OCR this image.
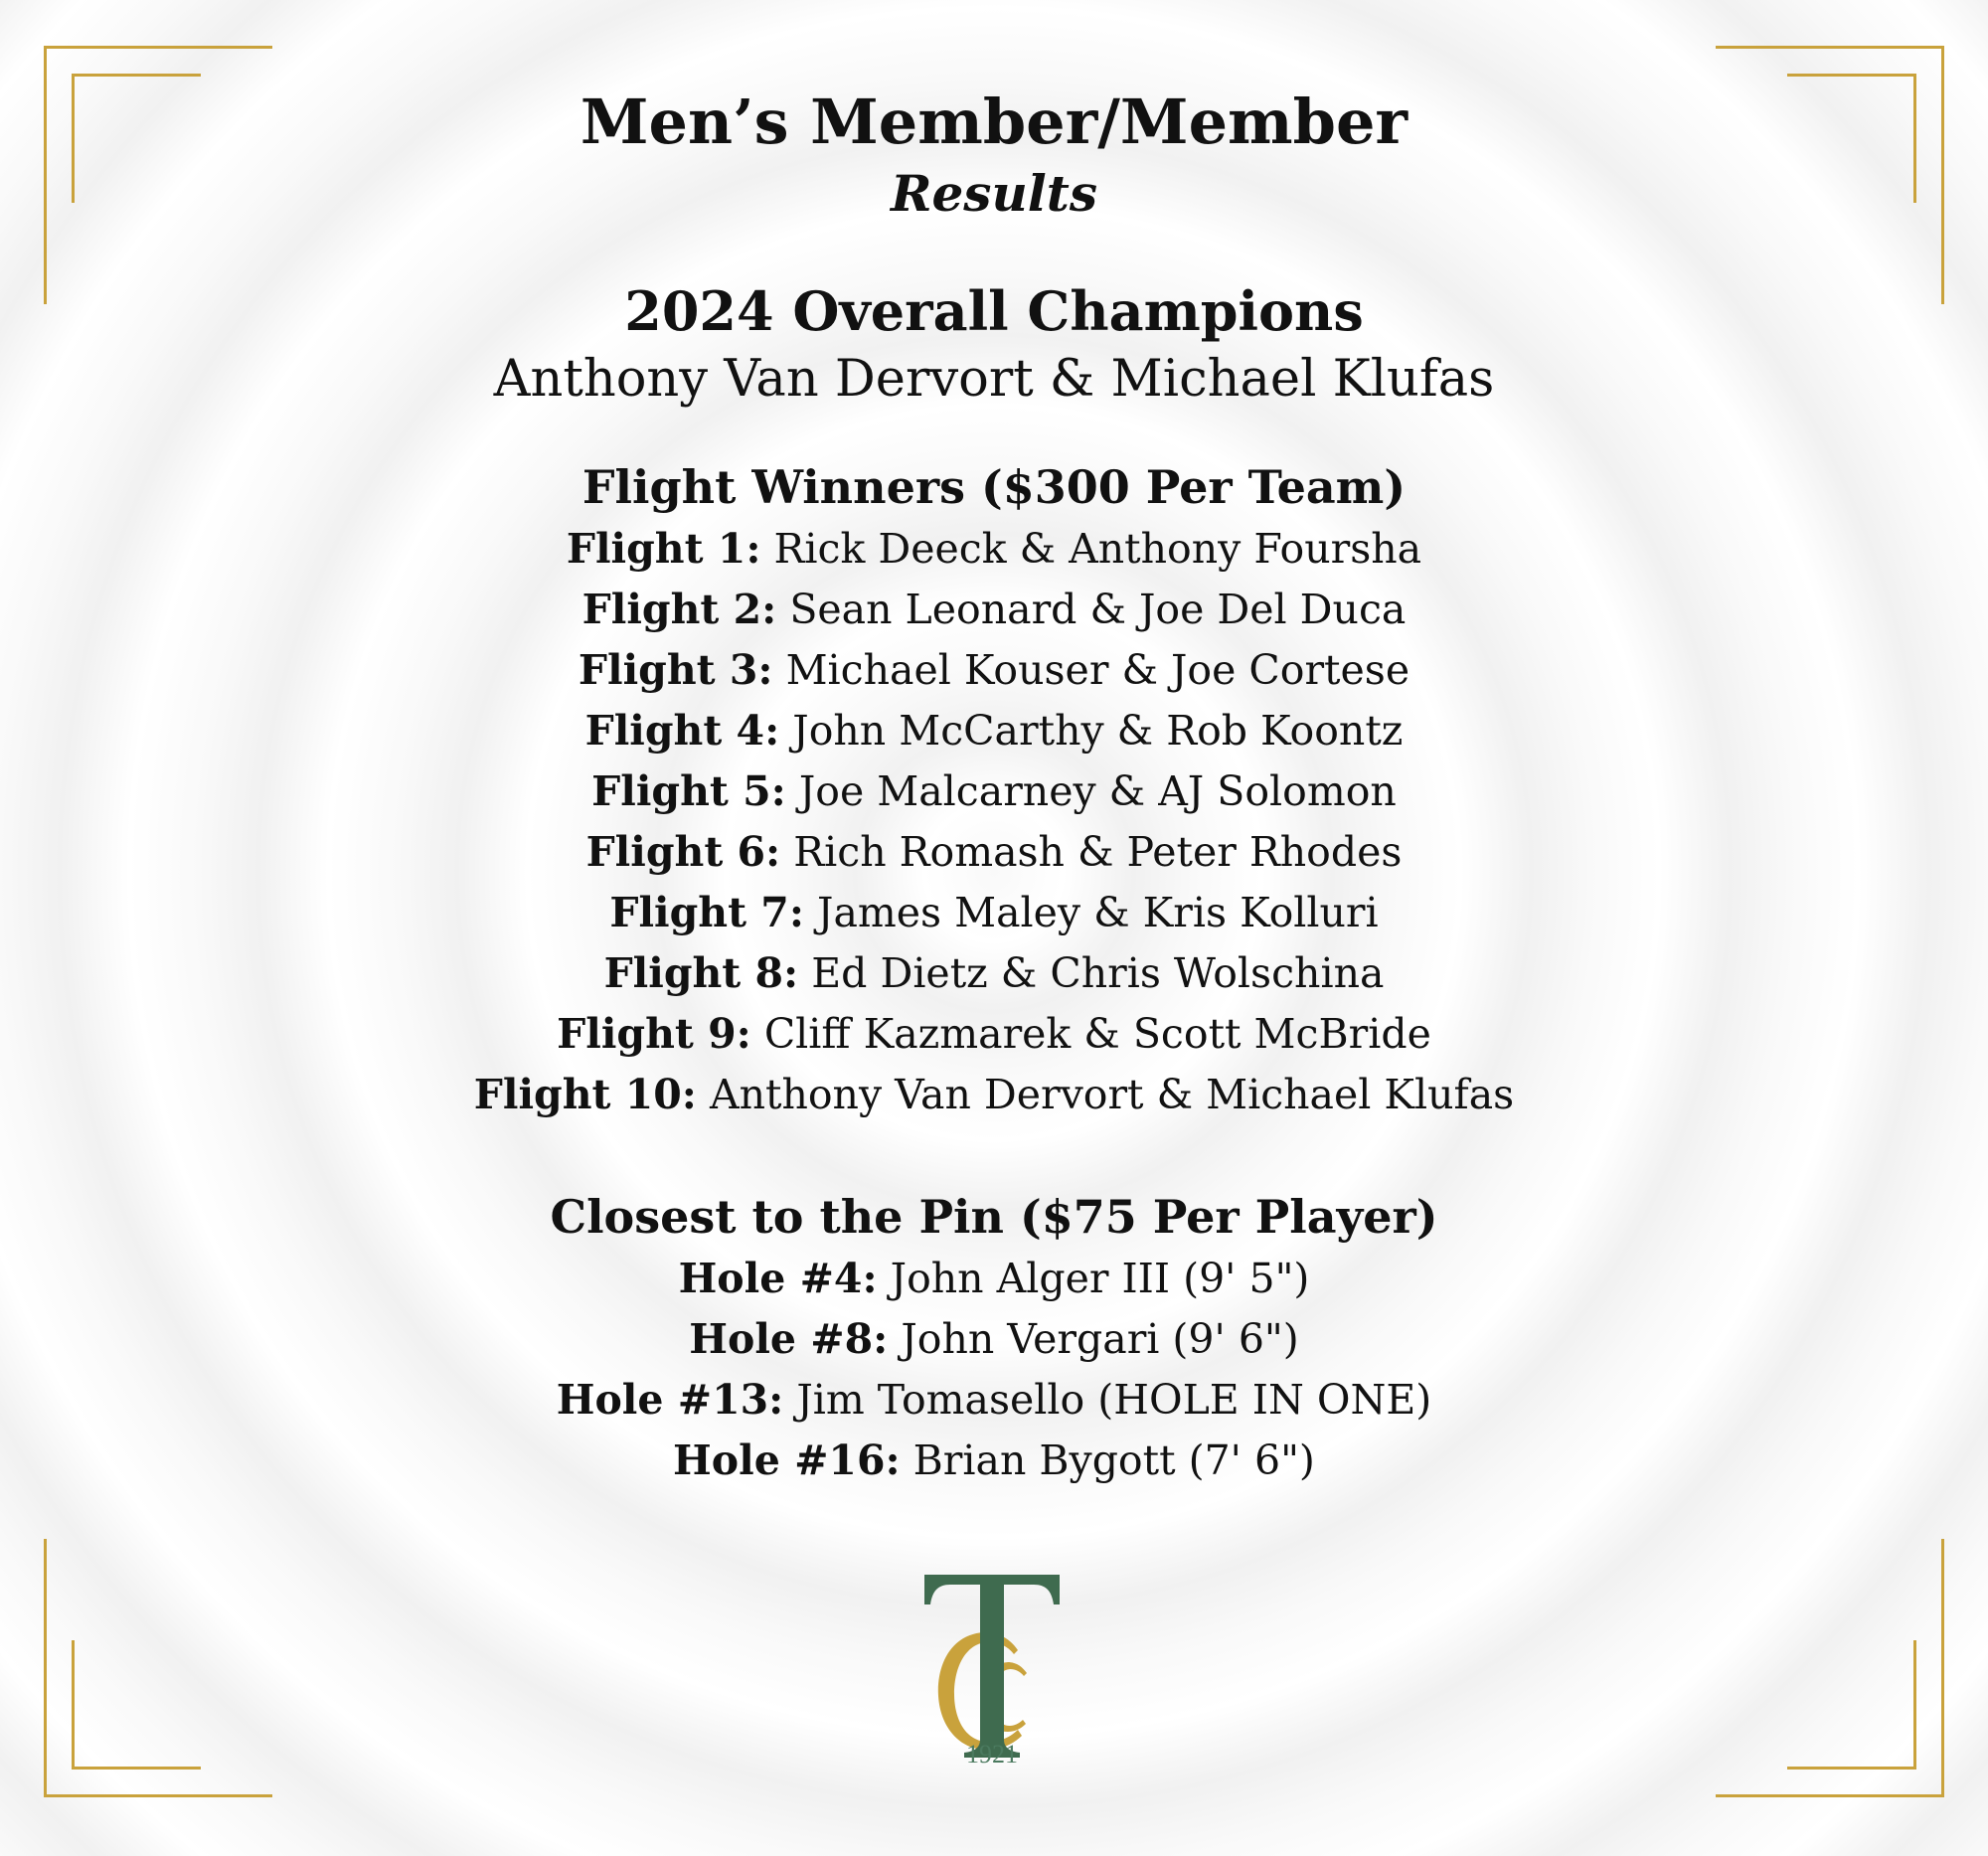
Men’s Member/Member
Results
2024 Overall Champions
Anthony Van Dervort & Michael Klufas
Flight Winners ($300 Per Team)
Flight 1: Rick Deeck & Anthony Foursha
Flight 2: Sean Leonard & Joe Del Duca
Flight 3: Michael Kouser & Joe Cortese
Flight 4: John McCarthy & Rob Koontz
Flight 5: Joe Malcarney & AJ Solomon
Flight 6: Rich Romash & Peter Rhodes
Flight 7: James Maley & Kris Kolluri
Flight 8: Ed Dietz & Chris Wolschina
Flight 9: Cliff Kazmarek & Scott McBride
Flight 10: Anthony Van Dervort & Michael Klufas
Closest to the Pin ($75 Per Player)
Hole #4: John Alger III (9' 5")
Hole #8: John Vergari (9' 6")
Hole #13: Jim Tomasello (HOLE IN ONE)
Hole #16: Brian Bygott (7' 6")
1921
